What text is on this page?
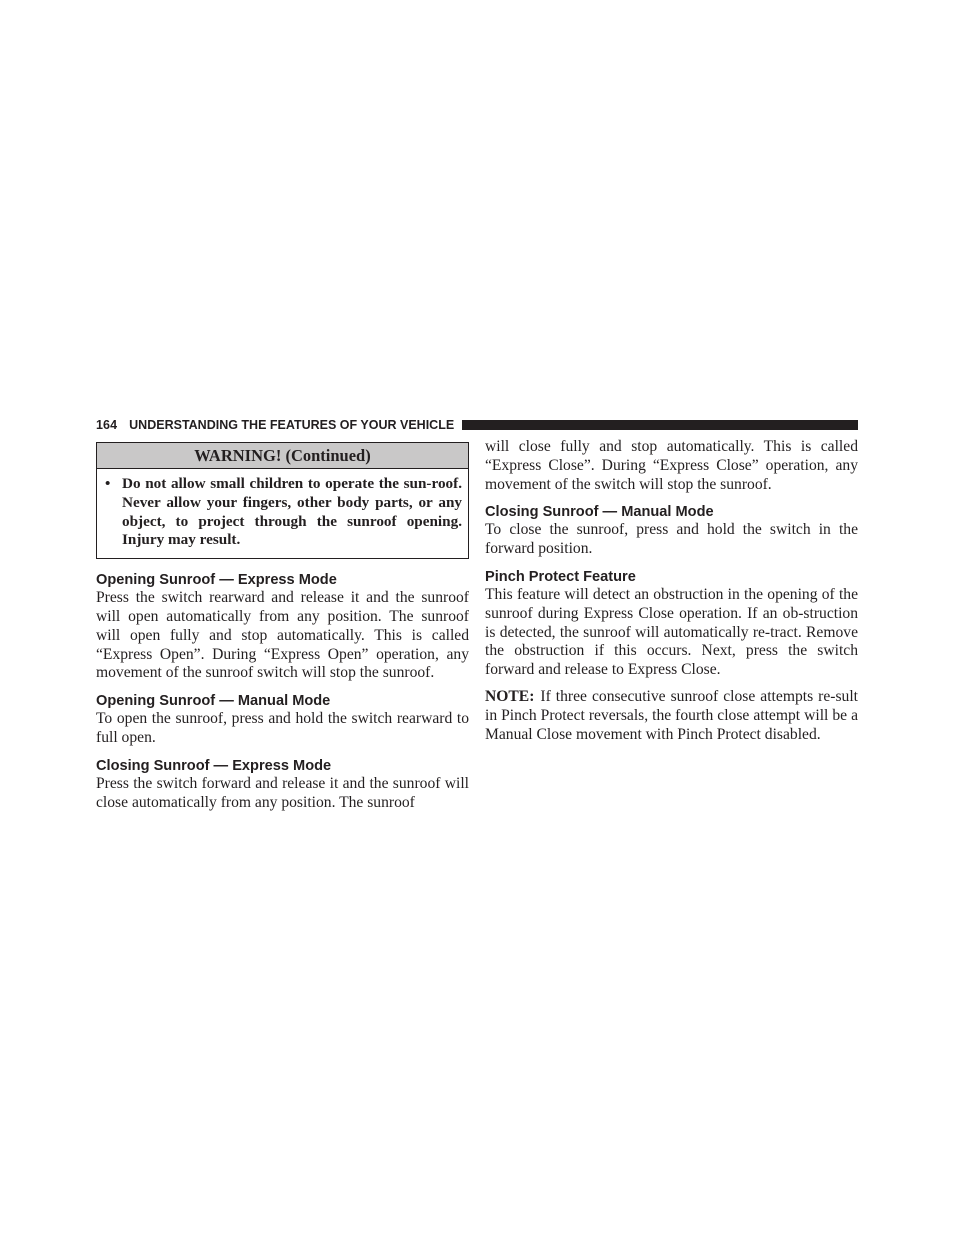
164 UNDERSTANDING THE FEATURES OF YOUR VEHICLE
WARNING! (Continued)
• Do not allow small children to operate the sun-roof. Never allow your fingers, other body parts, or any object, to project through the sunroof opening. Injury may result.
Opening Sunroof — Express Mode

Press the switch rearward and release it and the sunroof will open automatically from any position. The sunroof will open fully and stop automatically. This is called “Express Open”. During “Express Open” operation, any movement of the sunroof switch will stop the sunroof.

Opening Sunroof — Manual Mode

To open the sunroof, press and hold the switch rearward to full open.

Closing Sunroof — Express Mode

Press the switch forward and release it and the sunroof will close automatically from any position. The sunroof

will close fully and stop automatically. This is called “Express Close”. During “Express Close” operation, any movement of the switch will stop the sunroof.

Closing Sunroof — Manual Mode

To close the sunroof, press and hold the switch in the forward position.

Pinch Protect Feature

This feature will detect an obstruction in the opening of the sunroof during Express Close operation. If an ob-struction is detected, the sunroof will automatically re-tract. Remove the obstruction if this occurs. Next, press the switch forward and release to Express Close.

NOTE: If three consecutive sunroof close attempts re-sult in Pinch Protect reversals, the fourth close attempt will be a Manual Close movement with Pinch Protect disabled.
